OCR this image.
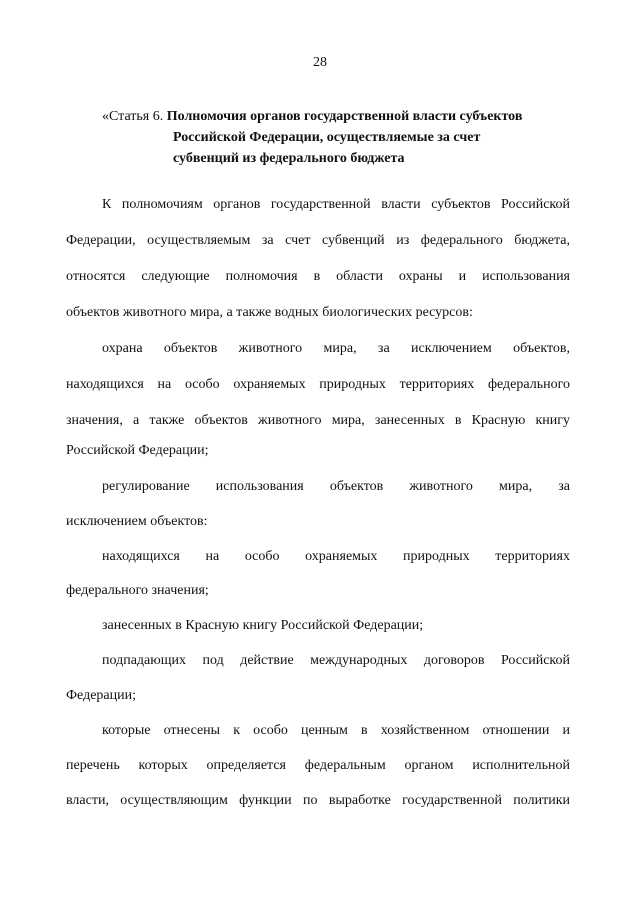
28
«Статья 6. Полномочия органов государственной власти субъектов
Российской Федерации, осуществляемые за счет
субвенций из федерального бюджета
К полномочиям органов государственной власти субъектов Российской
Федерации, осуществляемым за счет субвенций из федерального бюджета,
относятся следующие полномочия в области охраны и использования
объектов животного мира, а также водных биологических ресурсов:
охрана объектов животного мира, за исключением объектов,
находящихся на особо охраняемых природных территориях федерального
значения, а также объектов животного мира, занесенных в Красную книгу
Российской Федерации;
регулирование использования объектов животного мира, за
исключением объектов:
находящихся на особо охраняемых природных территориях
федерального значения;
занесенных в Красную книгу Российской Федерации;
подпадающих под действие международных договоров Российской
Федерации;
которые отнесены к особо ценным в хозяйственном отношении и
перечень которых определяется федеральным органом исполнительной
власти, осуществляющим функции по выработке государственной политики
